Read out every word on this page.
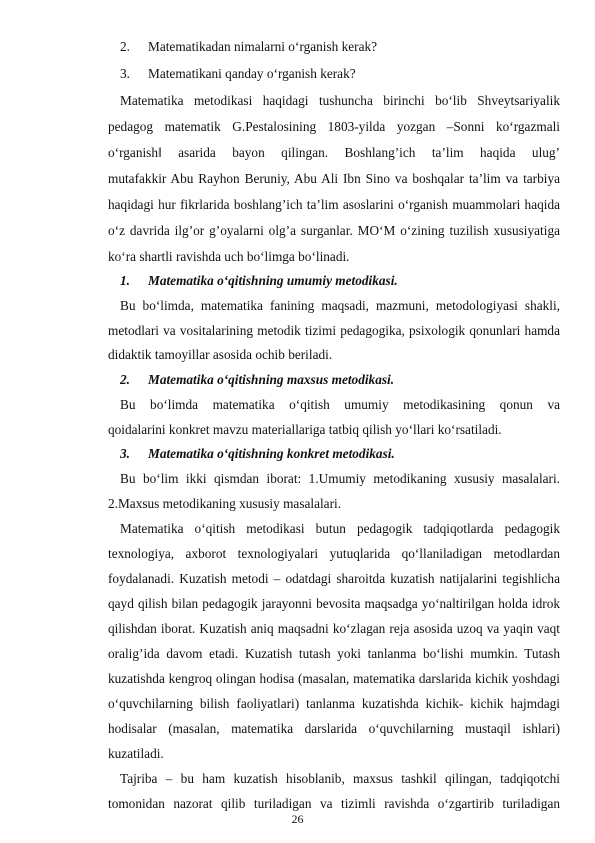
2.	Matematikadan nimalarni o‘rganish kerak?
3.	Matematikani qanday o‘rganish kerak?
Matematika metodikasi haqidagi tushuncha birinchi bo‘lib Shveytsariyalik
pedagog matematik G.Pestalosining 1803-yilda yozgan –Sonni ko‘rgazmali
o‘rganish‖ asarida bayon qilingan. Boshlang’ich ta’lim haqida ulug’
mutafakkir Abu Rayhon Beruniy, Abu Ali Ibn Sino va boshqalar ta’lim va tarbiya
haqidagi hur fikrlarida boshlang’ich ta’lim asoslarini o‘rganish muammolari haqida
o‘z davrida ilg’or g’oyalarni olg’a surganlar. MO‘M o‘zining tuzilish xususiyatiga
ko‘ra shartli ravishda uch bo‘limga bo‘linadi.
1.	Matematika o‘qitishning umumiy metodikasi.
Bu bo‘limda, matematika fanining maqsadi, mazmuni, metodologiyasi shakli,
metodlari va vositalarining metodik tizimi pedagogika, psixologik qonunlari hamda
didaktik tamoyillar asosida ochib beriladi.
2.	Matematika o‘qitishning maxsus metodikasi.
Bu bo‘limda matematika o‘qitish umumiy metodikasining qonun va
qoidalarini konkret mavzu materiallariga tatbiq qilish yo‘llari ko‘rsatiladi.
3.	Matematika o‘qitishning konkret metodikasi.
Bu bo‘lim ikki qismdan iborat: 1.Umumiy metodikaning xususiy masalalari.
2.Maxsus metodikaning xususiy masalalari.
Matematika o‘qitish metodikasi butun pedagogik tadqiqotlarda pedagogik
texnologiya, axborot texnologiyalari yutuqlarida qo‘llaniladigan metodlardan
foydalanadi. Kuzatish metodi – odatdagi sharoitda kuzatish natijalarini tegishlicha
qayd qilish bilan pedagogik jarayonni bevosita maqsadga yo‘naltirilgan holda idrok
qilishdan iborat. Kuzatish aniq maqsadni ko‘zlagan reja asosida uzoq va yaqin vaqt
oralig’ida davom etadi. Kuzatish tutash yoki tanlanma bo‘lishi mumkin. Tutash
kuzatishda kengroq olingan hodisa (masalan, matematika darslarida kichik yoshdagi
o‘quvchilarning bilish faoliyatlari) tanlanma kuzatishda kichik- kichik hajmdagi
hodisalar (masalan, matematika darslarida o‘quvchilarning mustaqil ishlari)
kuzatiladi.
Tajriba – bu ham kuzatish hisoblanib, maxsus tashkil qilingan, tadqiqotchi
tomonidan nazorat qilib turiladigan va tizimli ravishda o‘zgartirib turiladigan
26
